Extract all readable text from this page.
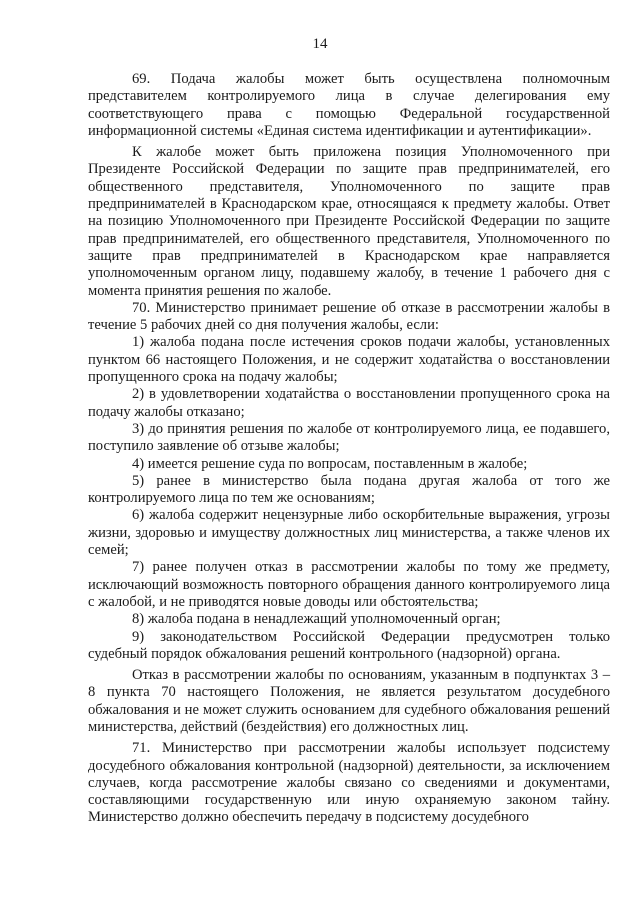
14

69. Подача жалобы может быть осуществлена полномочным представителем контролируемого лица в случае делегирования ему соответствующего права с помощью Федеральной государственной информационной системы «Единая система идентификации и аутентификации».

К жалобе может быть приложена позиция Уполномоченного при Президенте Российской Федерации по защите прав предпринимателей, его общественного представителя, Уполномоченного по защите прав предпринимателей в Краснодарском крае, относящаяся к предмету жалобы. Ответ на позицию Уполномоченного при Президенте Российской Федерации по защите прав предпринимателей, его общественного представителя, Уполномоченного по защите прав предпринимателей в Краснодарском крае направляется уполномоченным органом лицу, подавшему жалобу, в течение 1 рабочего дня с момента принятия решения по жалобе.

70. Министерство принимает решение об отказе в рассмотрении жалобы в течение 5 рабочих дней со дня получения жалобы, если:

1) жалоба подана после истечения сроков подачи жалобы, установленных пунктом 66 настоящего Положения, и не содержит ходатайства о восстановлении пропущенного срока на подачу жалобы;

2) в удовлетворении ходатайства о восстановлении пропущенного срока на подачу жалобы отказано;

3) до принятия решения по жалобе от контролируемого лица, ее подавшего, поступило заявление об отзыве жалобы;

4) имеется решение суда по вопросам, поставленным в жалобе;

5) ранее в министерство была подана другая жалоба от того же контролируемого лица по тем же основаниям;

6) жалоба содержит нецензурные либо оскорбительные выражения, угрозы жизни, здоровью и имуществу должностных лиц министерства, а также членов их семей;

7) ранее получен отказ в рассмотрении жалобы по тому же предмету, исключающий возможность повторного обращения данного контролируемого лица с жалобой, и не приводятся новые доводы или обстоятельства;

8) жалоба подана в ненадлежащий уполномоченный орган;

9) законодательством Российской Федерации предусмотрен только судебный порядок обжалования решений контрольного (надзорной) органа.

Отказ в рассмотрении жалобы по основаниям, указанным в подпунктах 3 – 8 пункта 70 настоящего Положения, не является результатом досудебного обжалования и не может служить основанием для судебного обжалования решений министерства, действий (бездействия) его должностных лиц.

71. Министерство при рассмотрении жалобы использует подсистему досудебного обжалования контрольной (надзорной) деятельности, за исключением случаев, когда рассмотрение жалобы связано со сведениями и документами, составляющими государственную или иную охраняемую законом тайну. Министерство должно обеспечить передачу в подсистему досудебного
